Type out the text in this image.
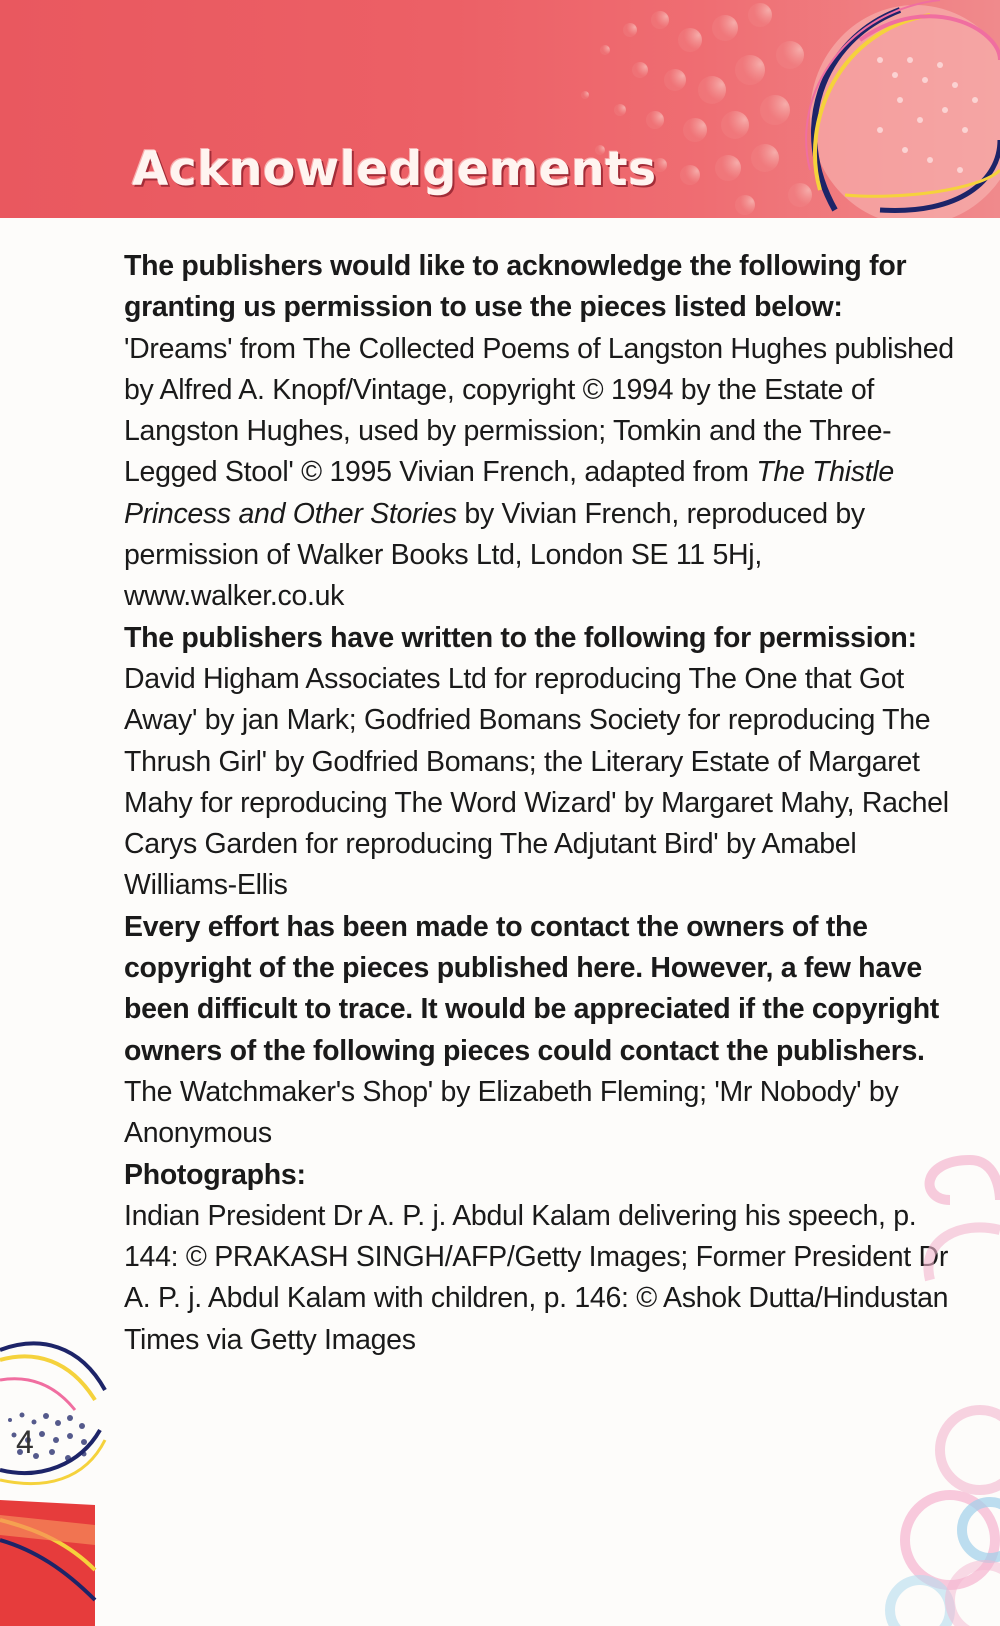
Acknowledgements

The publishers would like to acknowledge the following for granting us permission to use the pieces listed below:

'Dreams' from The Collected Poems of Langston Hughes published by Alfred A. Knopf/Vintage, copyright © 1994 by the Estate of Langston Hughes, used by permission; Tomkin and the Three-Legged Stool' © 1995 Vivian French, adapted from The Thistle Princess and Other Stories by Vivian French, reproduced by permission of Walker Books Ltd, London SE 11 5Hj, www.walker.co.uk

The publishers have written to the following for permission:

David Higham Associates Ltd for reproducing The One that Got Away' by jan Mark; Godfried Bomans Society for reproducing The Thrush Girl' by Godfried Bomans; the Literary Estate of Margaret Mahy for reproducing The Word Wizard' by Margaret Mahy, Rachel Carys Garden for reproducing The Adjutant Bird' by Amabel Williams-Ellis

Every effort has been made to contact the owners of the copyright of the pieces published here. However, a few have been difficult to trace. It would be appreciated if the copyright owners of the following pieces could contact the publishers.

The Watchmaker's Shop' by Elizabeth Fleming; 'Mr Nobody' by Anonymous

Photographs:

Indian President Dr A. P. j. Abdul Kalam delivering his speech, p. 144: © PRAKASH SINGH/AFP/Getty Images; Former President Dr A. P. j. Abdul Kalam with children, p. 146: © Ashok Dutta/Hindustan Times via Getty Images

4
